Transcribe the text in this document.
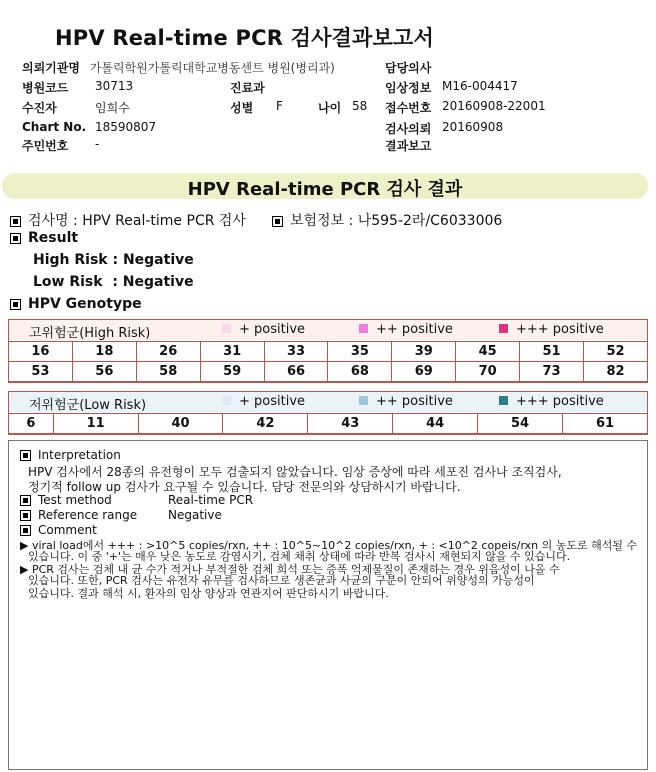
HPV Real-time PCR 검사결과보고서
의뢰기관명 가톨릭학원가톨릭대학교병동센트 병원(병리과)	담당의사
병원코드 30713	진료과	임상정보 M16-004417
수진자	임희수	성별 F	나이 58 접수번호 20160908-22001
Chart No. 18590807	검사의뢰 20160908
주민번호 -	결과보고
HPV Real-time PCR 검사 결과
검사명 : HPV Real-time PCR 검사	보험정보 : 나595-2라/C6033006
Result
High Risk : Negative
Low Risk  : Negative
HPV Genotype
고위험군(High Risk)	+ positive	++ positive	+++ positive
16	18	26	31	33	35	39	45	51	52
53	56	58	59	66	68	69	70	73	82
저위험군(Low Risk)	+ positive	++ positive	+++ positive
6	11	40	42	43	44	54	61
Interpretation
HPV 검사에서 28종의 유전형이 모두 검출되지 않았습니다. 임상 증상에 따라 세포진 검사나 조직검사,
정기적 follow up 검사가 요구될 수 있습니다. 담당 전문의와 상담하시기 바랍니다.
Test method	Real-time PCR
Reference range	Negative
Comment
▶ viral load에서 +++ : >10^5 copies/rxn, ++ : 10^5~10^2 copies/rxn, + : <10^2 copeis/rxn 의 농도로 해석될 수
있습니다. 이 중 '+'는 매우 낮은 농도로 감염시기, 검체 채취 상태에 따라 반복 검사시 재현되지 않을 수 있습니다.
▶ PCR 검사는 검체 내 균 수가 적거나 부적절한 검체 희석 또는 증폭 억제물질이 존재하는 경우 위음성이 나올 수
있습니다. 또한, PCR 검사는 유전자 유무를 검사하므로 생존균과 사균의 구분이 안되어 위양성의 가능성이
있습니다. 결과 해석 시, 환자의 임상 양상과 연관지어 판단하시기 바랍니다.
